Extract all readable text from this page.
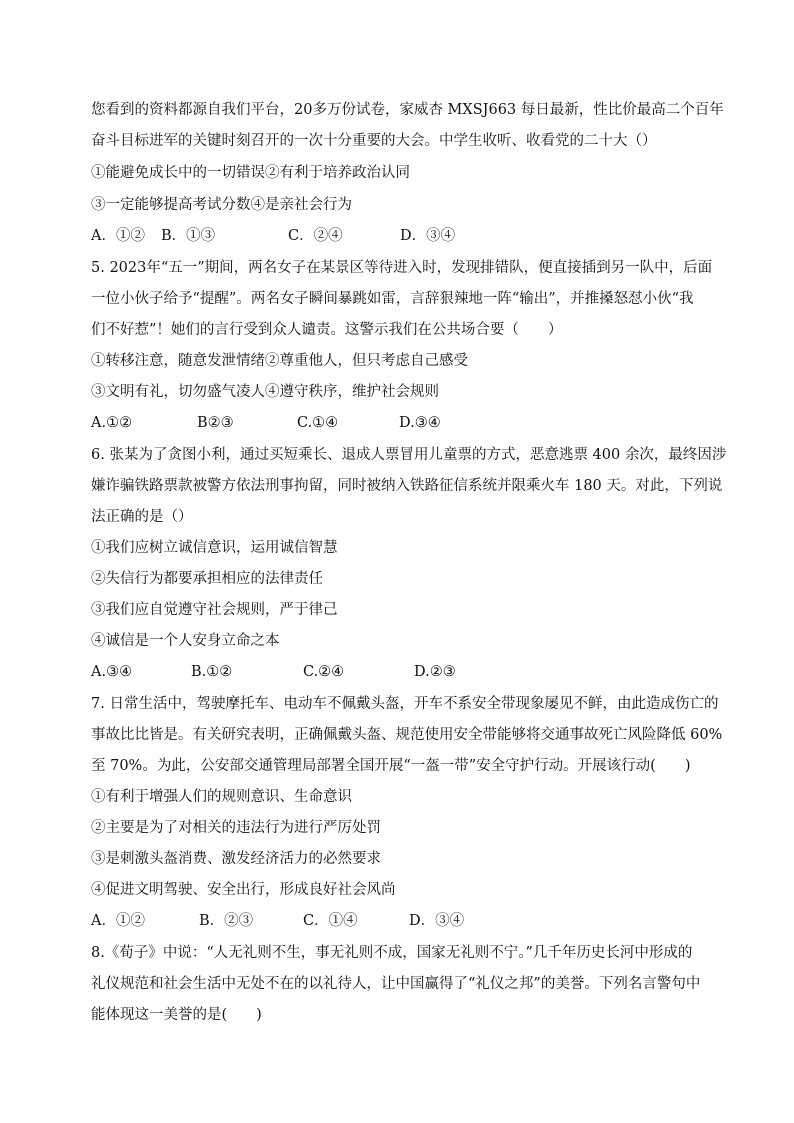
您看到的资料都源自我们平台，20多万份试卷，家威杏 MXSJ663 每日最新，性比价最高二个百年
奋斗目标进军的关键时刻召开的一次十分重要的大会。中学生收听、收看党的二十大（）
①能避免成长中的一切错误②有利于培养政治认同
③一定能够提高考试分数④是亲社会行为
A．①② B．①③	C．②④	D．③④
5. 2023年“五一”期间，两名女子在某景区等待进入时，发现排错队，便直接插到另一队中，后面
一位小伙子给予“提醒”。两名女子瞬间暴跳如雷，言辞狠辣地一阵“输出”，并推搡怒怼小伙“我
们不好惹”！她们的言行受到众人谴责。这警示我们在公共场合要（　　）
①转移注意，随意发泄情绪②尊重他人，但只考虑自己感受
③文明有礼，切勿盛气凌人④遵守秩序，维护社会规则
A.①②	B②③	C.①④	D.③④
6. 张某为了贪图小利，通过买短乘长、退成人票冒用儿童票的方式，恶意逃票 400 余次，最终因涉
嫌诈骗铁路票款被警方依法刑事拘留，同时被纳入铁路征信系统并限乘火车 180 天。对此，下列说
法正确的是（）
①我们应树立诚信意识，运用诚信智慧
②失信行为都要承担相应的法律责任
③我们应自觉遵守社会规则，严于律己
④诚信是一个人安身立命之本
A.③④	B.①②	C.②④	D.②③
7. 日常生活中，驾驶摩托车、电动车不佩戴头盔，开车不系安全带现象屡见不鲜，由此造成伤亡的
事故比比皆是。有关研究表明，正确佩戴头盔、规范使用安全带能够将交通事故死亡风险降低 60%
至 70%。为此，公安部交通管理局部署全国开展“一盔一带”安全守护行动。开展该行动(　　)
①有利于增强人们的规则意识、生命意识
②主要是为了对相关的违法行为进行严厉处罚
③是刺激头盔消费、激发经济活力的必然要求
④促进文明驾驶、安全出行，形成良好社会风尚
A．①②	B．②③	C．①④	D．③④
8.《荀子》中说：“人无礼则不生，事无礼则不成，国家无礼则不宁。”几千年历史长河中形成的
礼仪规范和社会生活中无处不在的以礼待人，让中国赢得了“礼仪之邦”的美誉。下列名言警句中
能体现这一美誉的是(　　)
